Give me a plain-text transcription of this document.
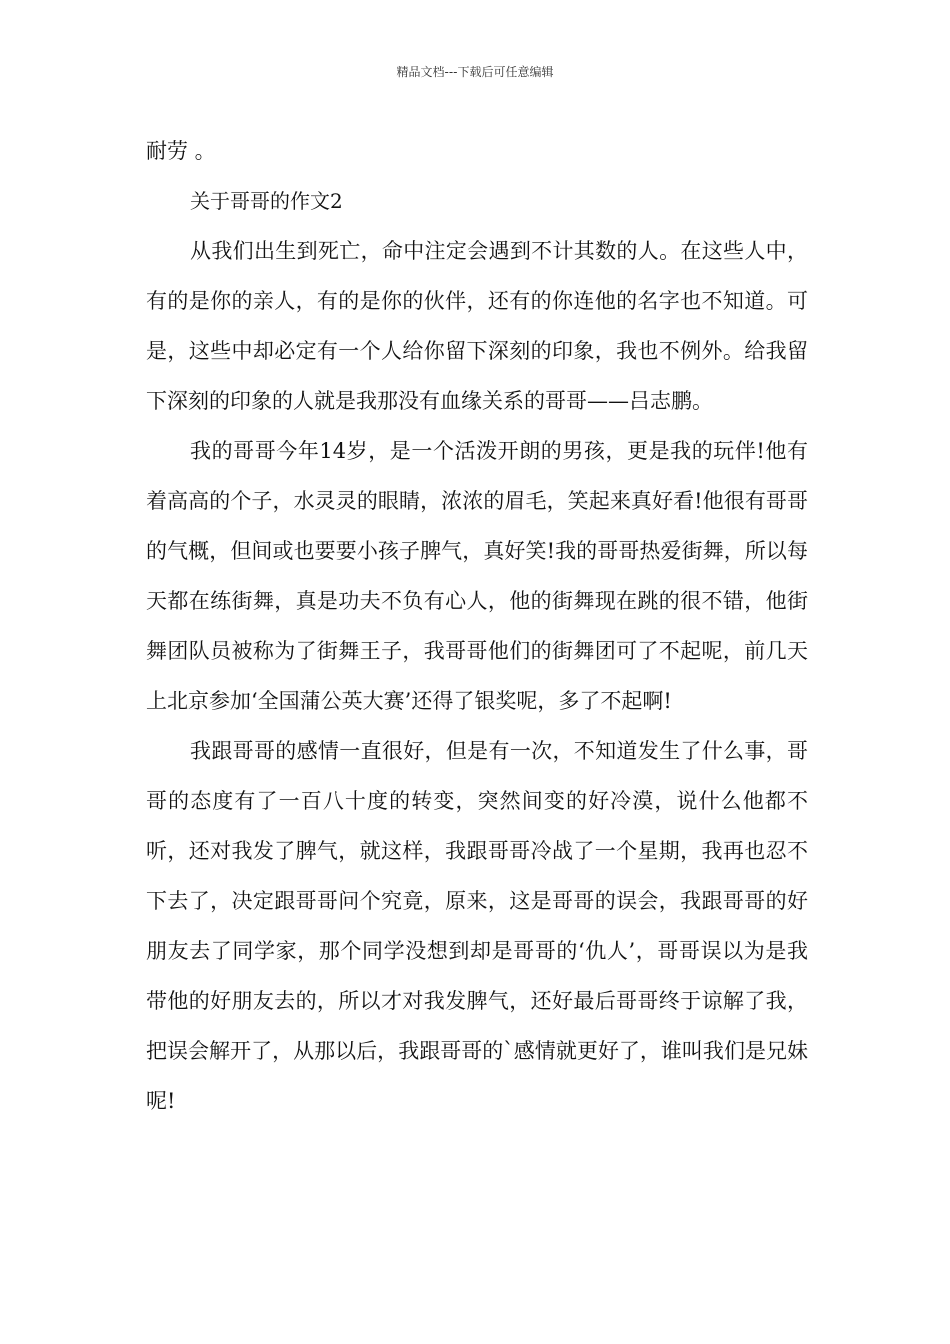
精品文档---下载后可任意编辑

耐劳 。

关于哥哥的作文2

从我们出生到死亡，命中注定会遇到不计其数的人。在这些人中，有的是你的亲人，有的是你的伙伴，还有的你连他的名字也不知道。可是，这些中却必定有一个人给你留下深刻的印象，我也不例外。给我留下深刻的印象的人就是我那没有血缘关系的哥哥——吕志鹏。

我的哥哥今年14岁，是一个活泼开朗的男孩，更是我的玩伴!他有着高高的个子，水灵灵的眼睛，浓浓的眉毛，笑起来真好看!他很有哥哥的气概，但间或也要要小孩子脾气，真好笑!我的哥哥热爱街舞，所以每天都在练街舞，真是功夫不负有心人，他的街舞现在跳的很不错，他街舞团队员被称为了街舞王子，我哥哥他们的街舞团可了不起呢，前几天上北京参加‘全国蒲公英大赛’还得了银奖呢，多了不起啊!

我跟哥哥的感情一直很好，但是有一次，不知道发生了什么事，哥哥的态度有了一百八十度的转变，突然间变的好冷漠，说什么他都不听，还对我发了脾气，就这样，我跟哥哥冷战了一个星期，我再也忍不下去了，决定跟哥哥问个究竟，原来，这是哥哥的误会，我跟哥哥的好朋友去了同学家，那个同学没想到却是哥哥的‘仇人’，哥哥误以为是我带他的好朋友去的，所以才对我发脾气，还好最后哥哥终于谅解了我，把误会解开了，从那以后，我跟哥哥的`感情就更好了，谁叫我们是兄妹呢!
